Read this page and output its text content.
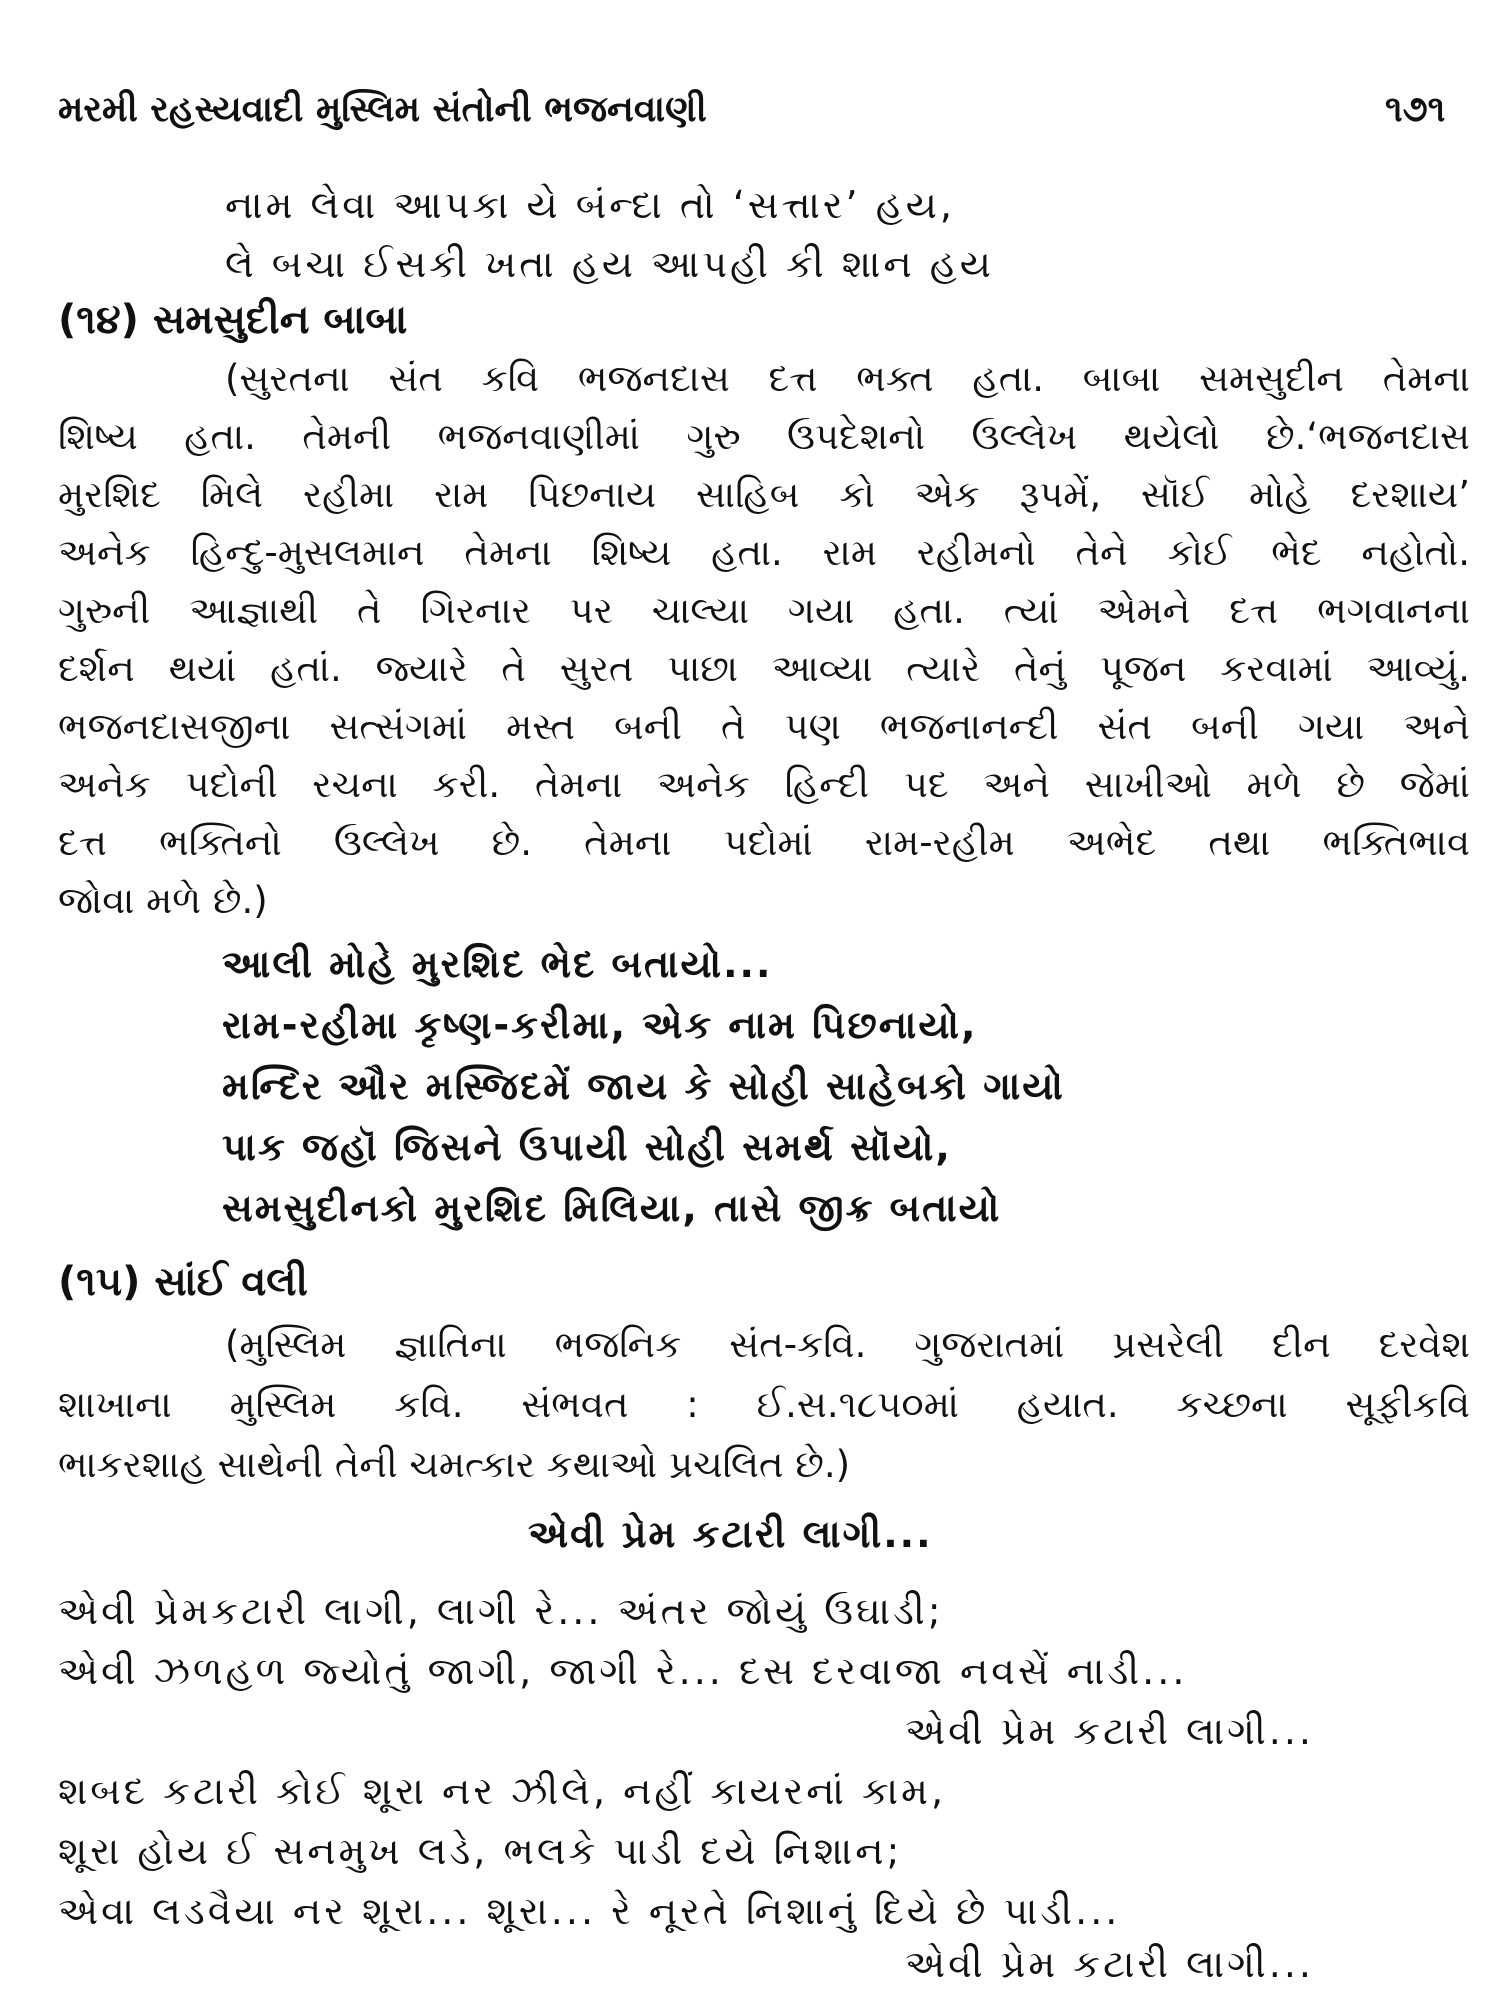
મરમી રહસ્યવાદી મુસ્લિમ સંતોની ભજનવાણી	૧૭૧
નામ લેવા આપકા યે બંન્દા તો ‘સત્તાર’ હય,
લે બચા ઈસકી ખતા હય આપહી કી શાન હય
(૧૪) સમસુદીન બાબા
(સુરતના સંત કવિ ભજનદાસ દત્ત ભક્ત હતા. બાબા સમસુદીન તેમના
શિષ્ય હતા. તેમની ભજનવાણીમાં ગુરુ ઉપદેશનો ઉલ્લેખ થયેલો છે.‘ભજનદાસ
મુરશિદ મિલે રહીમા રામ પિછનાય સાહિબ કો એક રૂપમેં, સૉઈ મોહે દરશાય’
અનેક હિન્દુ-મુસલમાન તેમના શિષ્ય હતા. રામ રહીમનો તેને કોઈ ભેદ નહોતો.
ગુરુની આજ્ઞાથી તે ગિરનાર પર ચાલ્યા ગયા હતા. ત્યાં એમને દત્ત ભગવાનના
દર્શન થયાં હતાં. જ્યારે તે સુરત પાછા આવ્યા ત્યારે તેનું પૂજન કરવામાં આવ્યું.
ભજનદાસજીના સત્સંગમાં મસ્ત બની તે પણ ભજનાનન્દી સંત બની ગયા અને
અનેક પદોની રચના કરી. તેમના અનેક હિન્દી પદ અને સાખીઓ મળે છે જેમાં
દત્ત ભક્તિનો ઉલ્લેખ છે. તેમના પદોમાં રામ-રહીમ અભેદ તથા ભક્તિભાવ
જોવા મળે છે.)
આલી મોહે મુરશિદ ભેદ બતાયો...
રામ-રહીમા કૃષ્ણ-કરીમા, એક નામ પિછનાયો,
મન્દિર ઔર મસ્જિદમેં જાય કે સોહી સાહેબકો ગાયો
પાક જહૉ જિસને ઉપાયી સોહી સમર્થ સૉયો,
સમસુદીનકો મુરશિદ મિલિયા, તાસે જીક્ર બતાયો
(૧૫) સાંઈ વલી
(મુસ્લિમ જ્ઞાતિના ભજનિક સંત-કવિ. ગુજરાતમાં પ્રસરેલી દીન દરવેશ
શાખાના મુસ્લિમ કવિ. સંભવત : ઈ.સ.૧૮૫૦માં હયાત. કચ્છના સૂફીકવિ
ભાકરશાહ સાથેની તેની ચમત્કાર કથાઓ પ્રચલિત છે.)
એવી પ્રેમ કટારી લાગી...
એવી પ્રેમકટારી લાગી, લાગી રે... અંતર જોયું ઉઘાડી;
એવી ઝળહળ જ્યોતું જાગી, જાગી રે... દસ દરવાજા નવસેં નાડી...
એવી પ્રેમ કટારી લાગી...
શબદ કટારી કોઈ શૂરા નર ઝીલે, નહીં કાયરનાં કામ,
શૂરા હોય ઈ સનમુખ લડે, ભલકે પાડી દયે નિશાન;
એવા લડવૈયા નર શૂરા... શૂરા... રે નૂરતે નિશાનું દિયે છે પાડી...
એવી પ્રેમ કટારી લાગી...
